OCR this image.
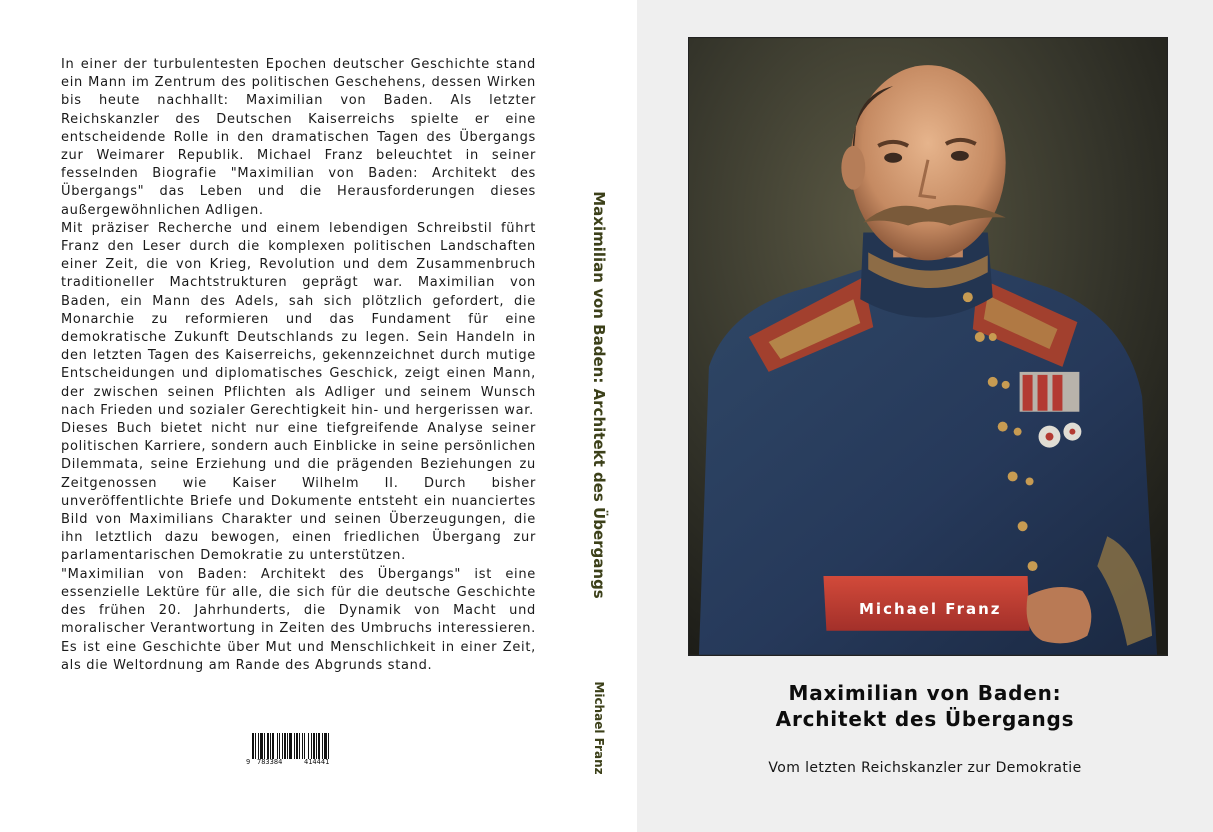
In einer der turbulentesten Epochen deutscher Geschichte stand ein Mann im Zentrum des politischen Geschehens, dessen Wirken bis heute nachhallt: Maximilian von Baden. Als letzter Reichskanzler des Deutschen Kaiserreichs spielte er eine entscheidende Rolle in den dramatischen Tagen des Übergangs zur Weimarer Republik. Michael Franz beleuchtet in seiner fesselnden Biografie "Maximilian von Baden: Architekt des Übergangs" das Leben und die Herausforderungen dieses außergewöhnlichen Adligen.

Mit präziser Recherche und einem lebendigen Schreibstil führt Franz den Leser durch die komplexen politischen Landschaften einer Zeit, die von Krieg, Revolution und dem Zusammenbruch traditioneller Machtstrukturen geprägt war. Maximilian von Baden, ein Mann des Adels, sah sich plötzlich gefordert, die Monarchie zu reformieren und das Fundament für eine demokratische Zukunft Deutschlands zu legen. Sein Handeln in den letzten Tagen des Kaiserreichs, gekennzeichnet durch mutige Entscheidungen und diplomatisches Geschick, zeigt einen Mann, der zwischen seinen Pflichten als Adliger und seinem Wunsch nach Frieden und sozialer Gerechtigkeit hin- und hergerissen war.

Dieses Buch bietet nicht nur eine tiefgreifende Analyse seiner politischen Karriere, sondern auch Einblicke in seine persönlichen Dilemmata, seine Erziehung und die prägenden Beziehungen zu Zeitgenossen wie Kaiser Wilhelm II. Durch bisher unveröffentlichte Briefe und Dokumente entsteht ein nuanciertes Bild von Maximilians Charakter und seinen Überzeugungen, die ihn letztlich dazu bewogen, einen friedlichen Übergang zur parlamentarischen Demokratie zu unterstützen.

"Maximilian von Baden: Architekt des Übergangs" ist eine essenzielle Lektüre für alle, die sich für die deutsche Geschichte des frühen 20. Jahrhunderts, die Dynamik von Macht und moralischer Verantwortung in Zeiten des Umbruchs interessieren. Es ist eine Geschichte über Mut und Menschlichkeit in einer Zeit, als die Weltordnung am Rande des Abgrunds stand.

9 783384	414441
Maximilian von Baden: Architekt des Übergangs
Michael Franz
Michael Franz
Maximilian von Baden:
Architekt des Übergangs
Vom letzten Reichskanzler zur Demokratie
